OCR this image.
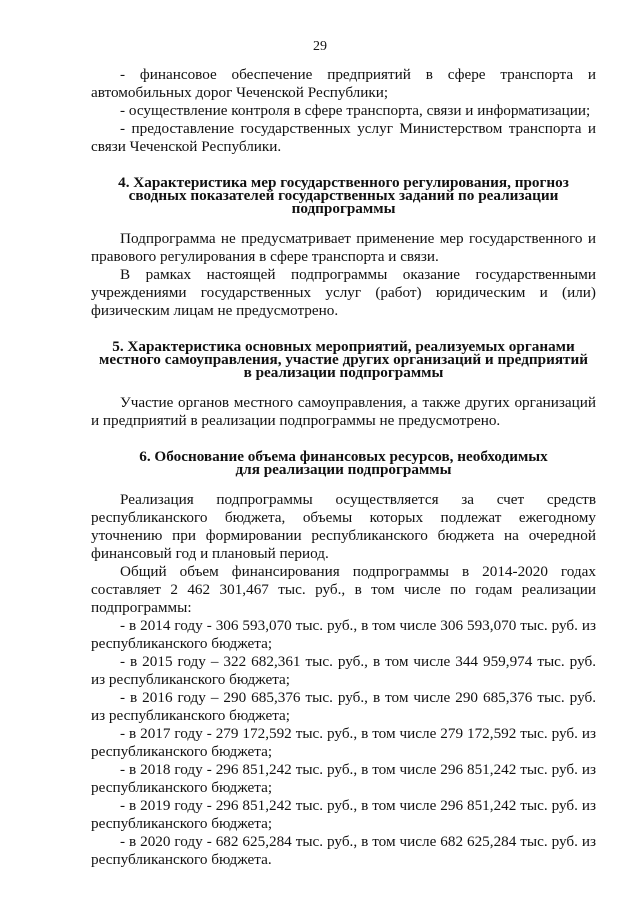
29

- финансовое обеспечение предприятий в сфере транспорта и автомобильных дорог Чеченской Республики;

- осуществление контроля в сфере транспорта, связи и информатизации;

- предоставление государственных услуг Министерством транспорта и связи Чеченской Республики.

4. Характеристика мер государственного регулирования, прогноз

сводных показателей государственных заданий по реализации

подпрограммы

Подпрограмма не предусматривает применение мер государственного и правового регулирования в сфере транспорта и связи.

В рамках настоящей подпрограммы оказание государственными учреждениями государственных услуг (работ) юридическим и (или) физическим лицам не предусмотрено.

5. Характеристика основных мероприятий, реализуемых органами

местного самоуправления, участие других организаций и предприятий

в реализации подпрограммы

Участие органов местного самоуправления, а также других организаций и предприятий в реализации подпрограммы не предусмотрено.

6. Обоснование объема финансовых ресурсов, необходимых

для реализации подпрограммы

Реализация подпрограммы осуществляется за счет средств республиканского бюджета, объемы которых подлежат ежегодному уточнению при формировании республиканского бюджета на очередной финансовый год и плановый период.

Общий объем финансирования подпрограммы в 2014-2020 годах составляет 2 462 301,467 тыс. руб., в том числе по годам реализации подпрограммы:

- в 2014 году - 306 593,070 тыс. руб., в том числе 306 593,070 тыс. руб. из республиканского бюджета;

- в 2015 году – 322 682,361 тыс. руб., в том числе 344 959,974 тыс. руб. из республиканского бюджета;

- в 2016 году – 290 685,376 тыс. руб., в том числе 290 685,376 тыс. руб. из республиканского бюджета;

- в 2017 году - 279 172,592 тыс. руб., в том числе 279 172,592 тыс. руб. из республиканского бюджета;

- в 2018 году - 296 851,242 тыс. руб., в том числе 296 851,242 тыс. руб. из республиканского бюджета;

- в 2019 году - 296 851,242 тыс. руб., в том числе 296 851,242 тыс. руб. из республиканского бюджета;

- в 2020 году - 682 625,284 тыс. руб., в том числе 682 625,284 тыс. руб. из республиканского бюджета.
